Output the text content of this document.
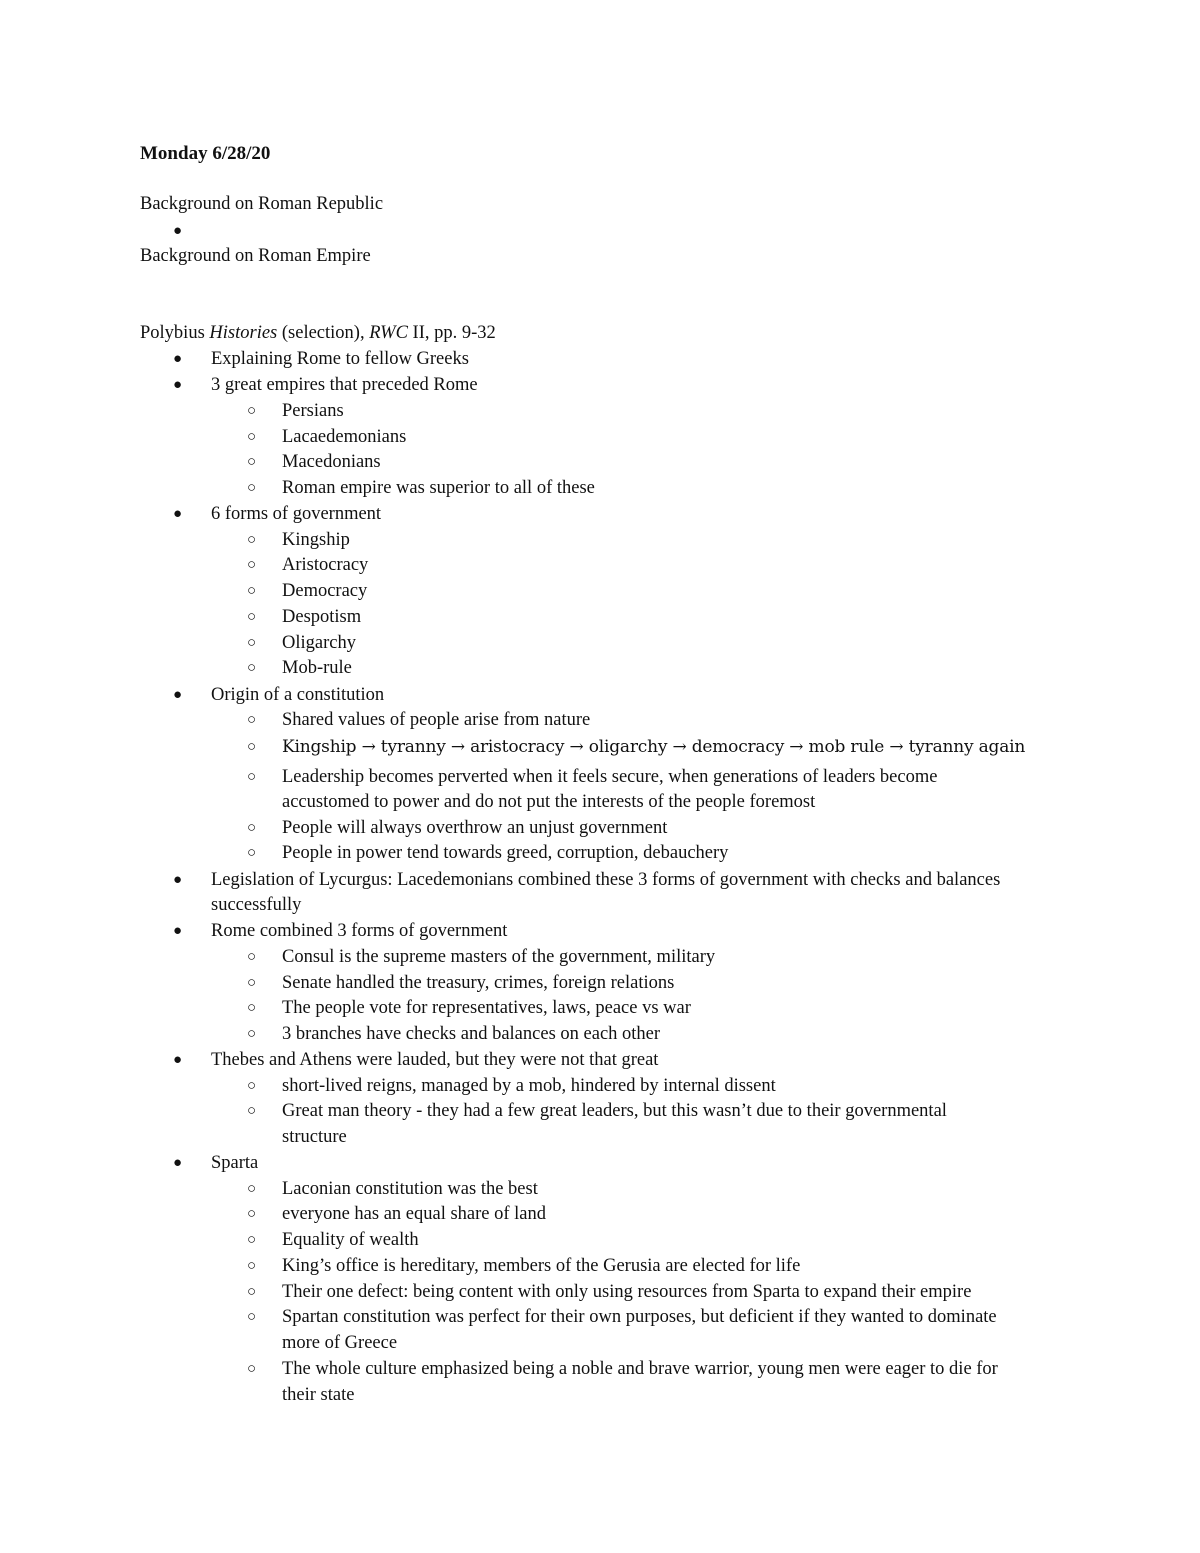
Monday 6/28/20
Background on Roman Republic
●
Background on Roman Empire
Polybius Histories (selection), RWC II, pp. 9-32
● Explaining Rome to fellow Greeks
● 3 great empires that preceded Rome
○ Persians
○ Lacaedemonians
○ Macedonians
○ Roman empire was superior to all of these
● 6 forms of government
○ Kingship
○ Aristocracy
○ Democracy
○ Despotism
○ Oligarchy
○ Mob-rule
● Origin of a constitution
○ Shared values of people arise from nature
○ Kingship → tyranny → aristocracy → oligarchy → democracy → mob rule → tyranny again
○ Leadership becomes perverted when it feels secure, when generations of leaders become
accustomed to power and do not put the interests of the people foremost
○ People will always overthrow an unjust government
○ People in power tend towards greed, corruption, debauchery
● Legislation of Lycurgus: Lacedemonians combined these 3 forms of government with checks and balances
successfully
● Rome combined 3 forms of government
○ Consul is the supreme masters of the government, military
○ Senate handled the treasury, crimes, foreign relations
○ The people vote for representatives, laws, peace vs war
○ 3 branches have checks and balances on each other
● Thebes and Athens were lauded, but they were not that great
○ short-lived reigns, managed by a mob, hindered by internal dissent
○ Great man theory - they had a few great leaders, but this wasn’t due to their governmental
structure
● Sparta
○ Laconian constitution was the best
○ everyone has an equal share of land
○ Equality of wealth
○ King’s office is hereditary, members of the Gerusia are elected for life
○ Their one defect: being content with only using resources from Sparta to expand their empire
○ Spartan constitution was perfect for their own purposes, but deficient if they wanted to dominate
more of Greece
○ The whole culture emphasized being a noble and brave warrior, young men were eager to die for
their state
